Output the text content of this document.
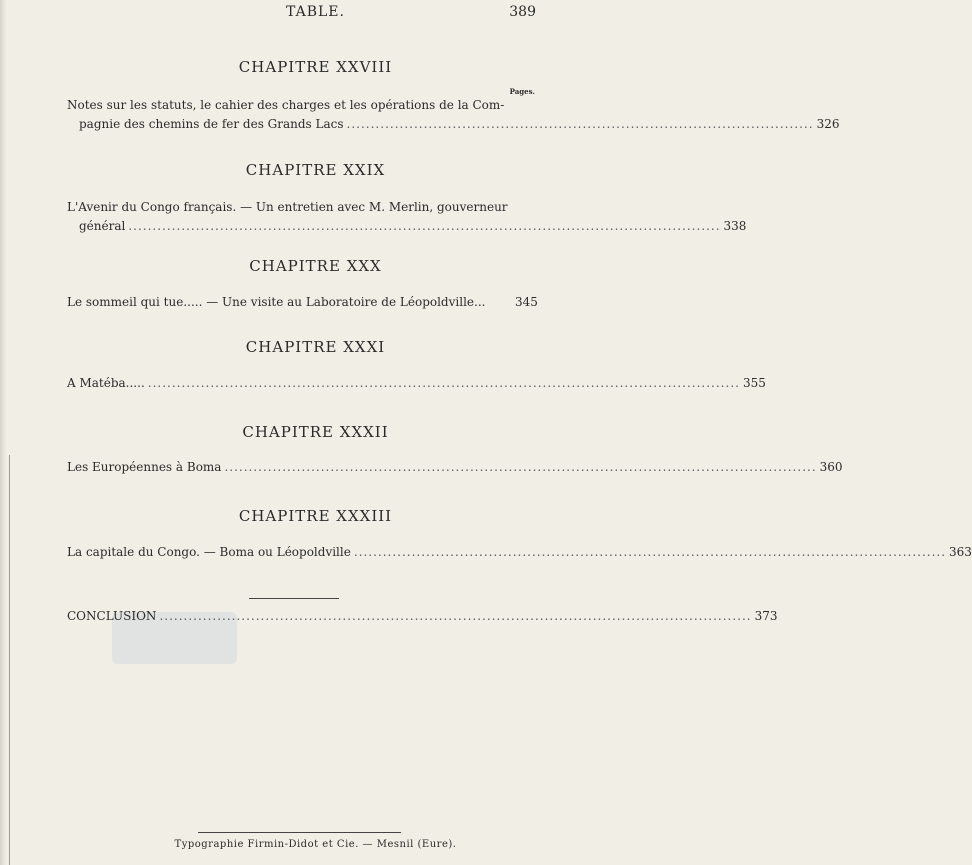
TABLE.	389
CHAPITRE XXVIII
Pages.
Notes sur les statuts, le cahier des charges et les opérations de la Com-
pagnie des chemins de fer des Grands Lacs ................................................................................................. 326
CHAPITRE XXIX
L'Avenir du Congo français. — Un entretien avec M. Merlin, gouverneur
général ........................................................................................................................... 338
CHAPITRE XXX
Le sommeil qui tue..... — Une visite au Laboratoire de Léopoldville... 345
CHAPITRE XXXI
A Matéba..... ........................................................................................................................... 355
CHAPITRE XXXII
Les Européennes à Boma ........................................................................................................................... 360
CHAPITRE XXXIII
La capitale du Congo. — Boma ou Léopoldville ........................................................................................................................... 363
CONCLUSION ........................................................................................................................... 373
Typographie Firmin-Didot et Cie. — Mesnil (Eure).
